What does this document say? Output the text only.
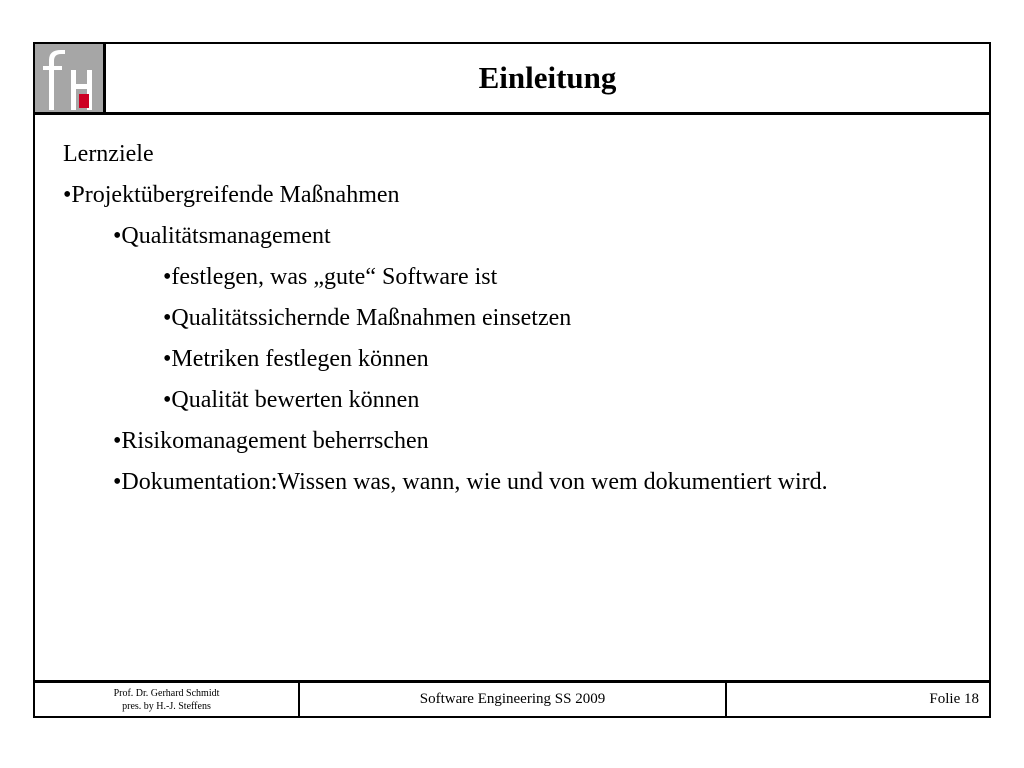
Einleitung
Lernziele
•Projektübergreifende Maßnahmen
•Qualitätsmanagement
•festlegen, was „gute“ Software ist
•Qualitätssichernde Maßnahmen einsetzen
•Metriken festlegen können
•Qualität bewerten können
•Risikomanagement beherrschen
•Dokumentation:Wissen was, wann, wie und von wem dokumentiert wird.
Prof. Dr. Gerhard Schmidt
pres. by H.-J. Steffens	Software Engineering SS 2009	Folie 18
